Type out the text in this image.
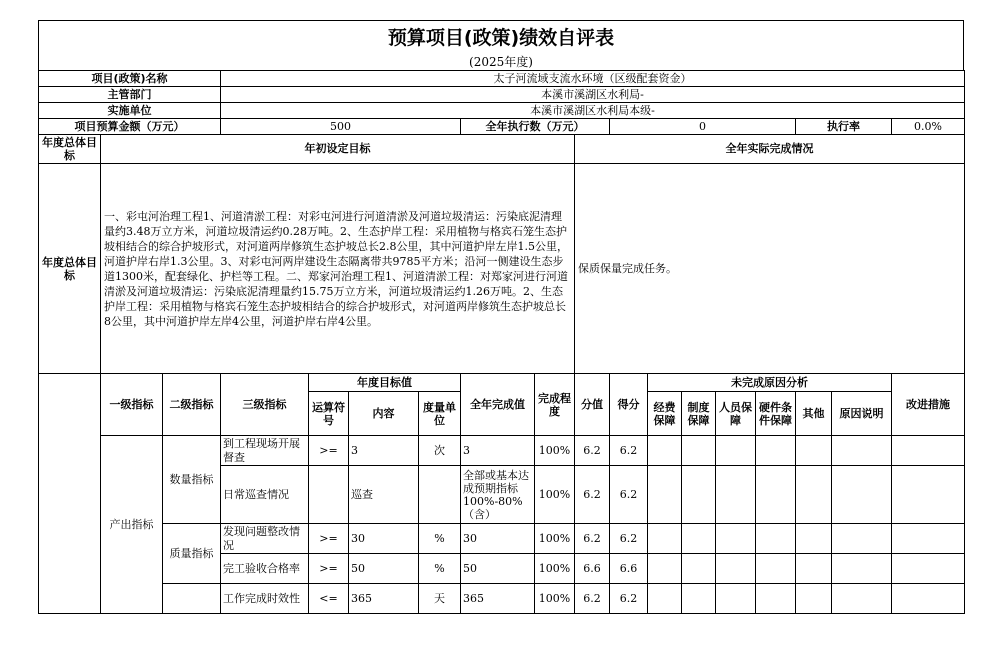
预算项目(政策)绩效自评表
(2025年度)
项目(政策)名称			太子河流域支流水环境（区级配套资金）														
主管部门			本溪市溪湖区水利局-														
实施单位			本溪市溪湖区水利局本级-														
项目预算金额（万元）			500				全年执行数（万元）			0					执行率		0.0%
年度总体目标	年初设定目标								全年实际完成情况								
年度总体目标	一、彩屯河治理工程1、河道清淤工程：对彩屯河进行河道清淤及河道垃圾清运：污染底泥清理量约3.48万立方米，河道垃圾清运约0.28万吨。2、生态护岸工程：采用植物与格宾石笼生态护坡相结合的综合护坡形式，对河道两岸修筑生态护坡总长2.8公里，其中河道护岸左岸1.5公里，河道护岸右岸1.3公里。3、对彩屯河两岸建设生态隔离带共9785平方米；沿河一侧建设生态步道1300米，配套绿化、护栏等工程。二、郑家河治理工程1、河道清淤工程：对郑家河进行河道清淤及河道垃圾清运：污染底泥清理量约15.75万立方米，河道垃圾清运约1.26万吨。2、生态护岸工程：采用植物与格宾石笼生态护坡相结合的综合护坡形式，对河道两岸修筑生态护坡总长8公里，其中河道护岸左岸4公里，河道护岸右岸4公里。								保质保量完成任务。								
	一级指标	二级指标	三级指标	年度目标值			全年完成值	完成程度	分值	得分	未完成原因分析						改进措施
				运算符号	内容	度量单位					经费保障	制度保障	人员保障	硬件条件保障	其他	原因说明	
	产出指标	数量指标	到工程现场开展督查	>=	3	次	3	100%	6.2	6.2							
			日常巡查情况		巡查		全部或基本达成预期指标100%-80%（含）	100%	6.2	6.2							
		质量指标	发现问题整改情况	>=	30	%	30	100%	6.2	6.2							
			完工验收合格率	>=	50	%	50	100%	6.6	6.6							
			工作完成时效性	<=	365	天	365	100%	6.2	6.2							
